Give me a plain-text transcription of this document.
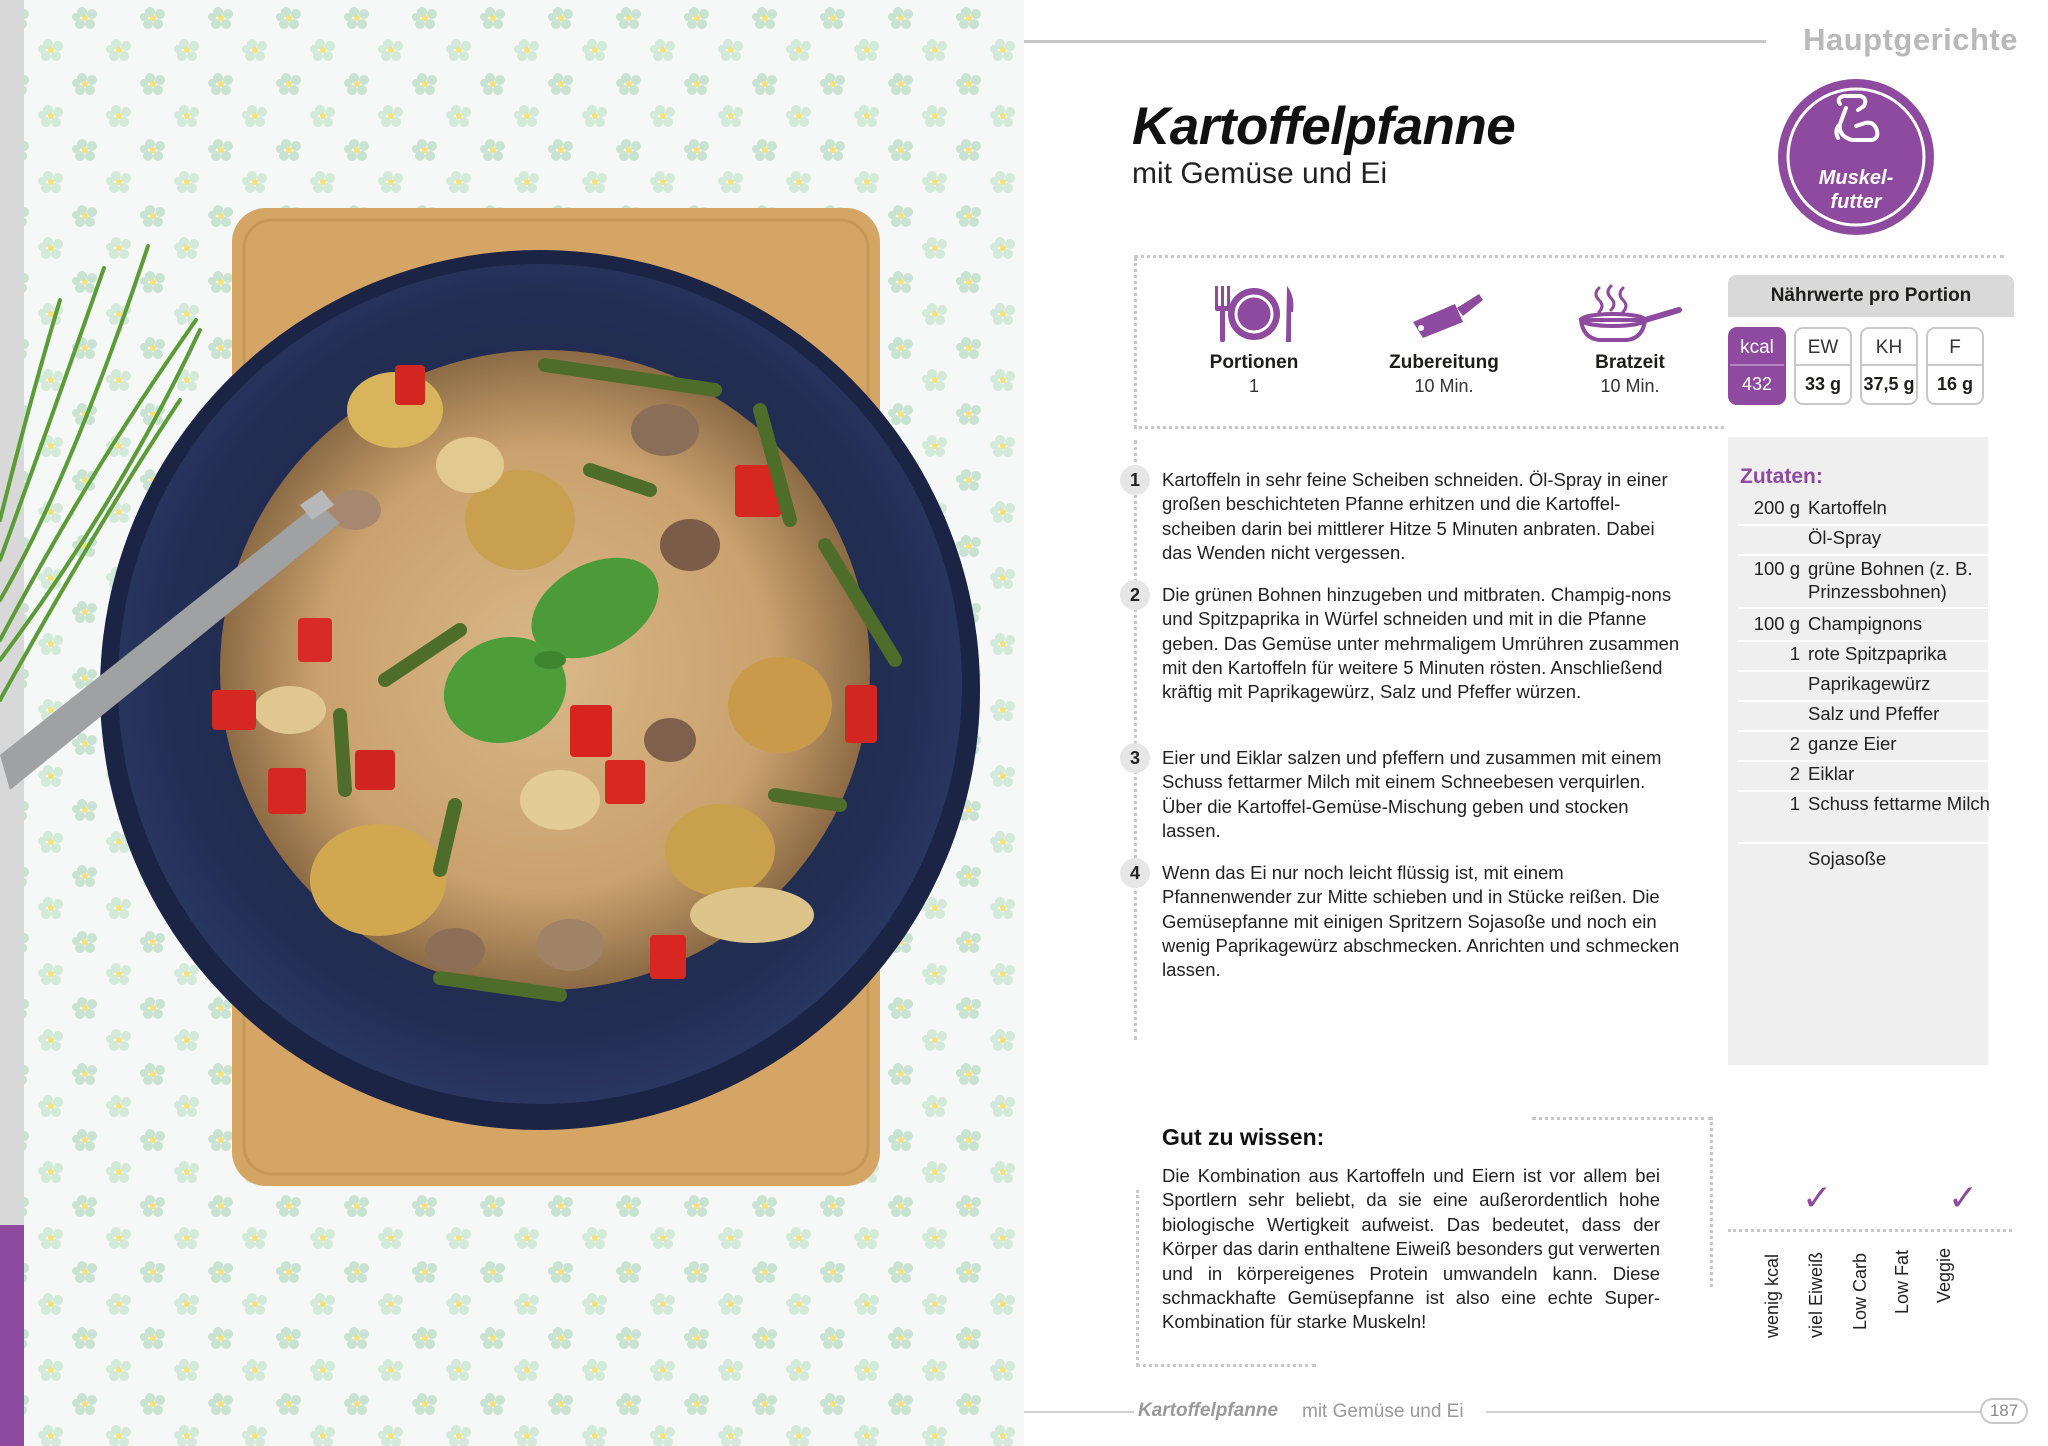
Hauptgerichte
Kartoffelpfanne
mit Gemüse und Ei	Muskel-
futter
Portionen
1
Zubereitung
10 Min.
Bratzeit
10 Min.
Nährwerte pro Portion
kcal
432
EW
33 g
KH
37,5 g
F
16 g
1	Kartoffeln in sehr feine Scheiben schneiden. Öl-Spray in einer großen beschichteten Pfanne erhitzen und die Kartoffel-scheiben darin bei mittlerer Hitze 5 Minuten anbraten. Dabei das Wenden nicht vergessen.
2	Die grünen Bohnen hinzugeben und mitbraten. Champig-nons und Spitzpaprika in Würfel schneiden und mit in die Pfanne geben. Das Gemüse unter mehrmaligem Umrühren zusammen mit den Kartoffeln für weitere 5 Minuten rösten. Anschließend kräftig mit Paprikagewürz, Salz und Pfeffer würzen.
3	Eier und Eiklar salzen und pfeffern und zusammen mit einem Schuss fettarmer Milch mit einem Schneebesen verquirlen. Über die Kartoffel-Gemüse-Mischung geben und stocken lassen.
4	Wenn das Ei nur noch leicht flüssig ist, mit einem Pfannenwender zur Mitte schieben und in Stücke reißen. Die Gemüsepfanne mit einigen Spritzern Sojasoße und noch ein wenig Paprikagewürz abschmecken. Anrichten und schmecken lassen.
Zutaten:
200 g Kartoffeln
Öl-Spray
100 g grüne Bohnen (z. B. Prinzessbohnen)
100 g Champignons
1 rote Spitzpaprika
Paprikagewürz
Salz und Pfeffer
2 ganze Eier
2 Eiklar
1 Schuss fettarme Milch
Sojasoße
Gut zu wissen:
Die Kombination aus Kartoffeln und Eiern ist vor allem bei Sportlern sehr beliebt, da sie eine außerordentlich hohe biologische Wertigkeit aufweist. Das bedeutet, dass der Körper das darin enthaltene Eiweiß besonders gut verwerten und in körpereigenes Protein umwandeln kann. Diese schmackhafte Gemüsepfanne ist also eine echte Super-Kombination für starke Muskeln!
✓	✓
wenig kcal viel Eiweiß Low Carb Low Fat Veggie
Kartoffelpfanne mit Gemüse und Ei	187
